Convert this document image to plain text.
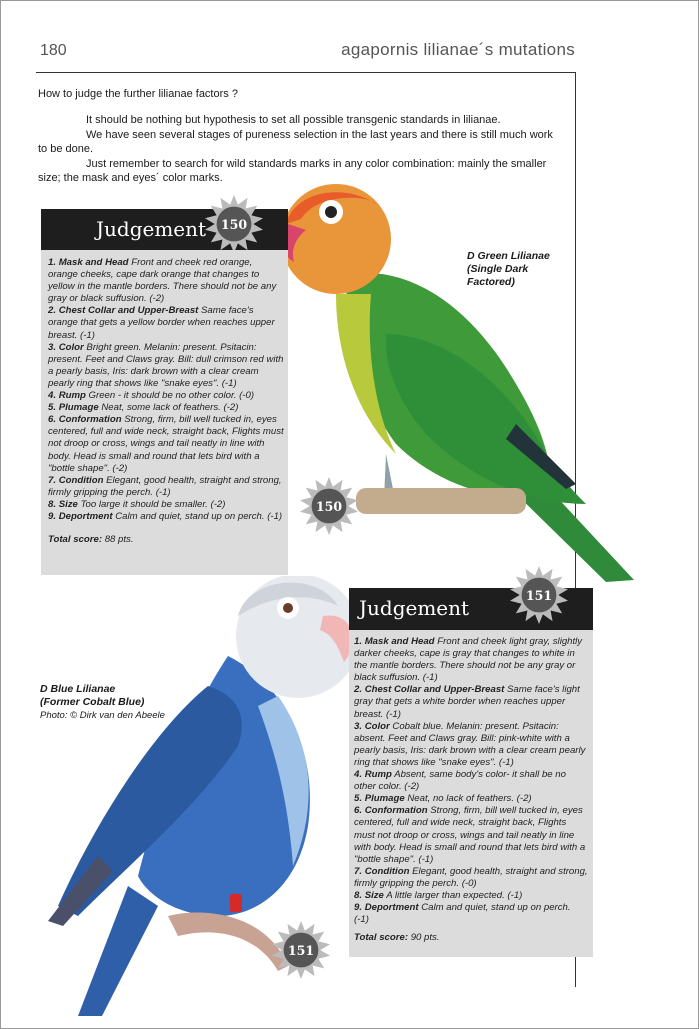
180	agapornis lilianae´s mutations
How to judge the further lilianae factors ?
It should be nothing but hypothesis to set all possible transgenic standards in lilianae.
We have seen several stages of pureness selection in the last years and there is still much work to be done.
Just remember to search for wild standards marks in any color combination: mainly the smaller size; the mask and eyes´ color marks.
Judgement 150

1. Mask and Head Front and cheek red orange, orange cheeks, cape dark orange that changes to yellow in the mantle borders. There should not be any gray or black suffusion. (-2)

2. Chest Collar and Upper-Breast Same face's orange that gets a yellow border when reaches upper breast. (-1)

3. Color Bright green. Melanin: present. Psitacin: present. Feet and Claws gray. Bill: dull crimson red with a pearly basis, Iris: dark brown with a clear cream pearly ring that shows like "snake eyes". (-1)

4. Rump Green - it should be no other color. (-0)

5. Plumage Neat, some lack of feathers. (-2)

6. Conformation Strong, firm, bill well tucked in, eyes centered, full and wide neck, straight back, Flights must not droop or cross, wings and tail neatly in line with body. Head is small and round that lets bird with a "bottle shape". (-2)

7. Condition Elegant, good health, straight and strong, firmly gripping the perch. (-1)

8. Size Too large it should be smaller. (-2)

9. Deportment Calm and quiet, stand up on perch. (-1)

Total score: 88 pts.

150
D Green Lilianae
(Single Dark
Factored)
D Blue Lilianae
(Former Cobalt Blue)
Photo: © Dirk van den Abeele
Judgement
151

1. Mask and Head Front and cheek light gray, slightly darker cheeks, cape is gray that changes to white in the mantle borders. There should not be any gray or black suffusion. (-1)

2. Chest Collar and Upper-Breast Same face's light gray that gets a white border when reaches upper breast. (-1)

3. Color Cobalt blue. Melanin: present. Psitacin: absent. Feet and Claws gray. Bill: pink-white with a pearly basis, Iris: dark brown with a clear cream pearly ring that shows like "snake eyes". (-1)

4. Rump Absent, same body's color- it shall be no other color. (-2)

5. Plumage Neat, no lack of feathers. (-2)

6. Conformation Strong, firm, bill well tucked in, eyes centered, full and wide neck, straight back, Flights must not droop or cross, wings and tail neatly in line with body. Head is small and round that lets bird with a "bottle shape". (-1)

7. Condition Elegant, good health, straight and strong, firmly gripping the perch. (-0)

8. Size A little larger than expected. (-1)

9. Deportment Calm and quiet, stand up on perch. (-1)

Total score: 90 pts.

151
